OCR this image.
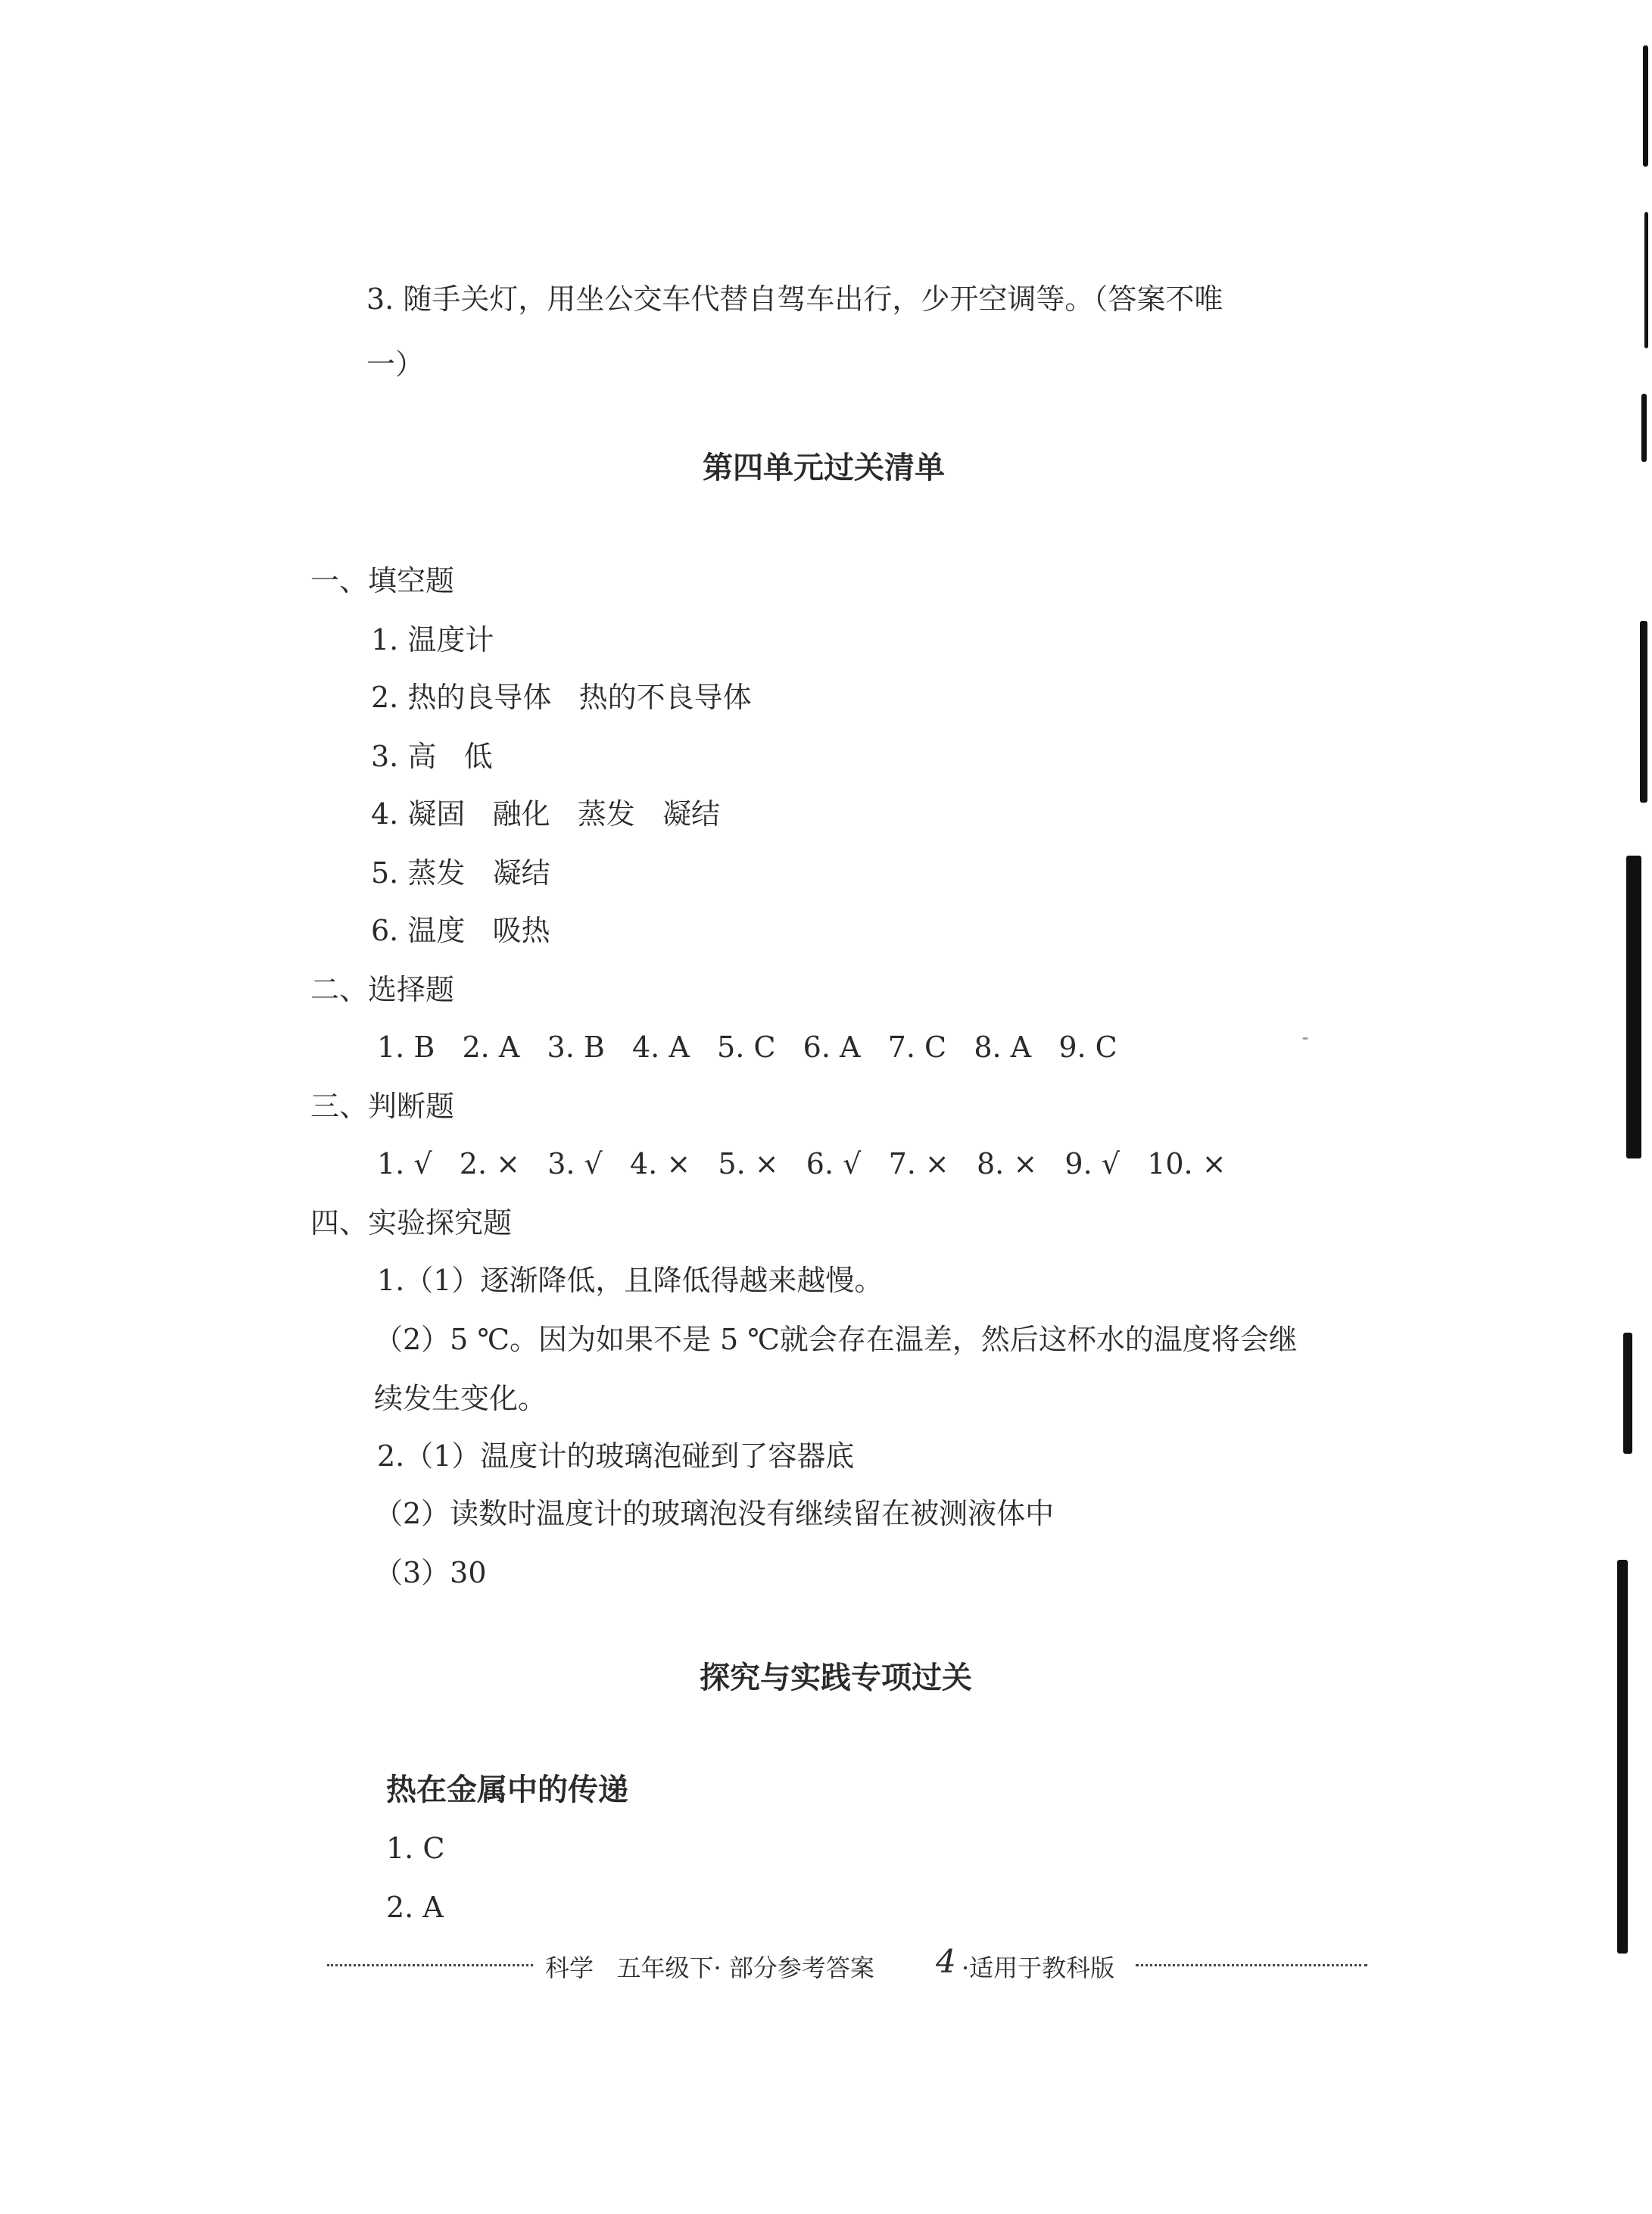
3. 随手关灯，用坐公交车代替自驾车出行，少开空调等。（答案不唯
一）
第四单元过关清单
一、填空题
1. 温度计
2. 热的良导体   热的不良导体
3. 高   低
4. 凝固   融化   蒸发   凝结
5. 蒸发   凝结
6. 温度   吸热
二、选择题
1. B   2. A   3. B   4. A   5. C   6. A   7. C   8. A   9. C
三、判断题
1. √   2. ×   3. √   4. ×   5. ×   6. √   7. ×   8. ×   9. √   10. ×
四、实验探究题
1.（1）逐渐降低，且降低得越来越慢。
（2）5 ℃。因为如果不是 5 ℃就会存在温差，然后这杯水的温度将会继
续发生变化。
2.（1）温度计的玻璃泡碰到了容器底
（2）读数时温度计的玻璃泡没有继续留在被测液体中
（3）30
探究与实践专项过关
热在金属中的传递
1. C
2. A
科学   五年级下· 部分参考答案 4 ·适用于教科版
